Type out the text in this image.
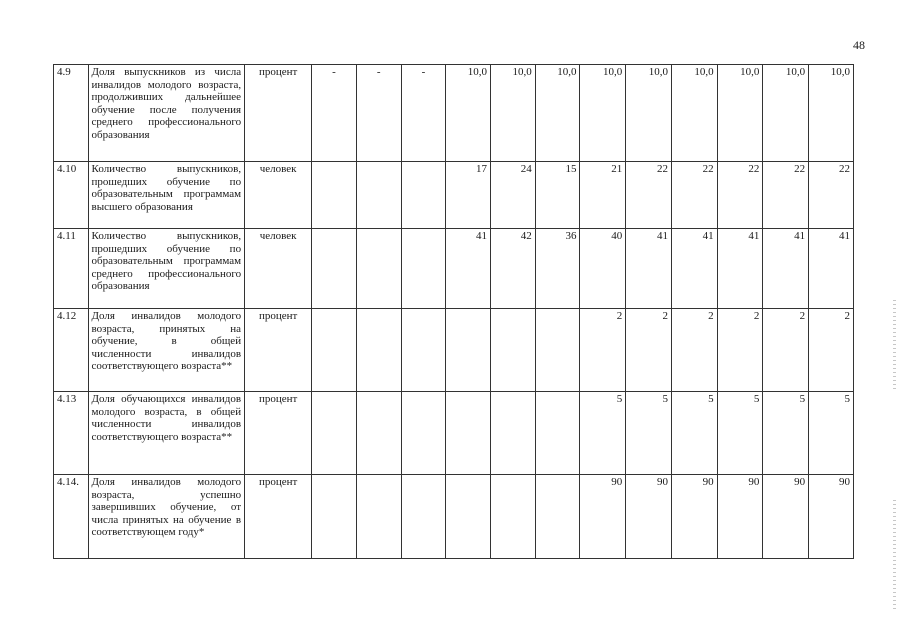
48
4.9	Доля выпускников из числа инвалидов молодого возраста, продолживших дальнейшее обучение после получения среднего профессионального образования	процент	-	-	-	10,0	10,0	10,0	10,0	10,0	10,0	10,0	10,0	10,0
4.10	Количество выпускников, прошедших обучение по образовательным программам высшего образования	человек				17	24	15	21	22	22	22	22	22
4.11	Количество выпускников, прошедших обучение по образовательным программам среднего профессионального образования	человек				41	42	36	40	41	41	41	41	41
4.12	Доля инвалидов молодого возраста, принятых на обучение, в общей численности инвалидов соответствующего возраста**	процент							2	2	2	2	2	2
4.13	Доля обучающихся инвалидов молодого возраста, в общей численности инвалидов соответствующего возраста**	процент							5	5	5	5	5	5
4.14.	Доля инвалидов молодого возраста, успешно завершивших обучение, от числа принятых на обучение в соответствующем году*	процент							90	90	90	90	90	90
